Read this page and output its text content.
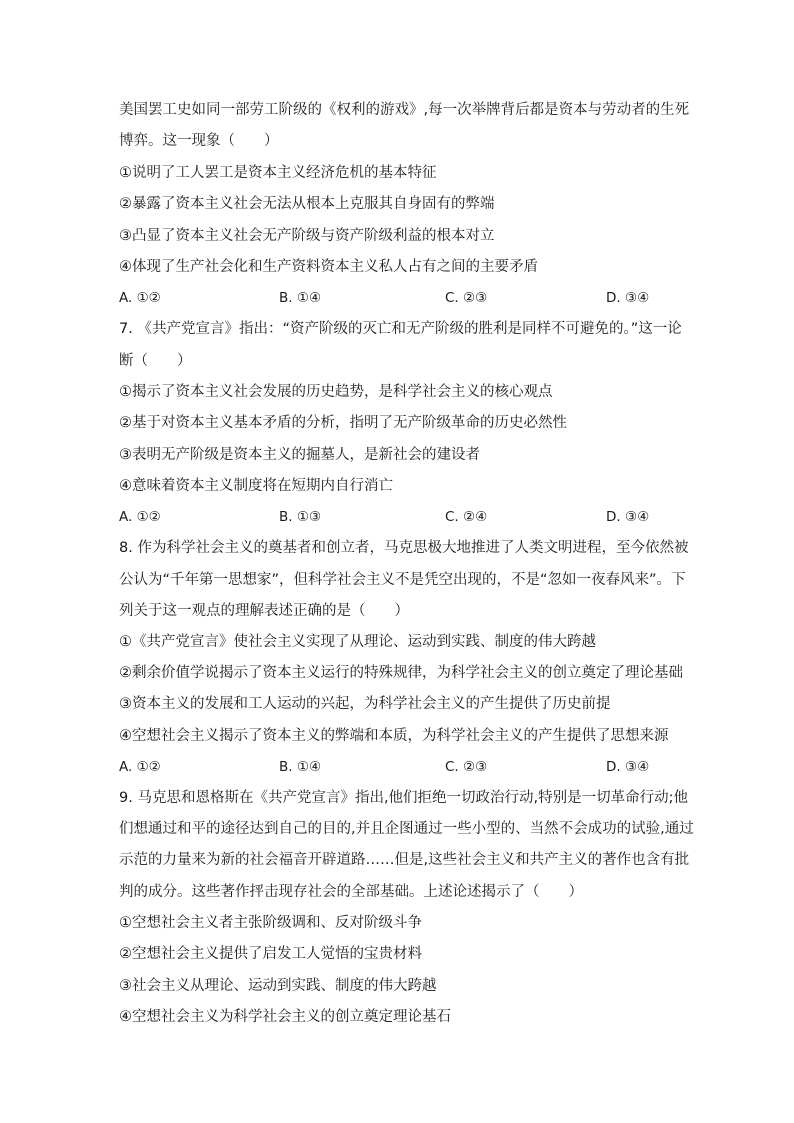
美国罢工史如同一部劳工阶级的《权利的游戏》,每一次举牌背后都是资本与劳动者的生死
博弈。这一现象（　　）
①说明了工人罢工是资本主义经济危机的基本特征
②暴露了资本主义社会无法从根本上克服其自身固有的弊端
③凸显了资本主义社会无产阶级与资产阶级利益的根本对立
④体现了生产社会化和生产资料资本主义私人占有之间的主要矛盾
A. ①②	B. ①④	C. ②③	D. ③④
7. 《共产党宣言》指出：“资产阶级的灭亡和无产阶级的胜利是同样不可避免的。”这一论
断（　　）
①揭示了资本主义社会发展的历史趋势，是科学社会主义的核心观点
②基于对资本主义基本矛盾的分析，指明了无产阶级革命的历史必然性
③表明无产阶级是资本主义的掘墓人，是新社会的建设者
④意味着资本主义制度将在短期内自行消亡
A. ①②	B. ①③	C. ②④	D. ③④
8. 作为科学社会主义的奠基者和创立者，马克思极大地推进了人类文明进程，至今依然被
公认为“千年第一思想家”，但科学社会主义不是凭空出现的，不是“忽如一夜春风来”。下
列关于这一观点的理解表述正确的是（　　）
①《共产党宣言》使社会主义实现了从理论、运动到实践、制度的伟大跨越
②剩余价值学说揭示了资本主义运行的特殊规律，为科学社会主义的创立奠定了理论基础
③资本主义的发展和工人运动的兴起，为科学社会主义的产生提供了历史前提
④空想社会主义揭示了资本主义的弊端和本质，为科学社会主义的产生提供了思想来源
A. ①②	B. ①④	C. ②③	D. ③④
9. 马克思和恩格斯在《共产党宣言》指出,他们拒绝一切政治行动,特别是一切革命行动;他
们想通过和平的途径达到自己的目的,并且企图通过一些小型的、当然不会成功的试验,通过
示范的力量来为新的社会福音开辟道路……但是,这些社会主义和共产主义的著作也含有批
判的成分。这些著作抨击现存社会的全部基础。上述论述揭示了（　　）
①空想社会主义者主张阶级调和、反对阶级斗争
②空想社会主义提供了启发工人觉悟的宝贵材料
③社会主义从理论、运动到实践、制度的伟大跨越
④空想社会主义为科学社会主义的创立奠定理论基石
